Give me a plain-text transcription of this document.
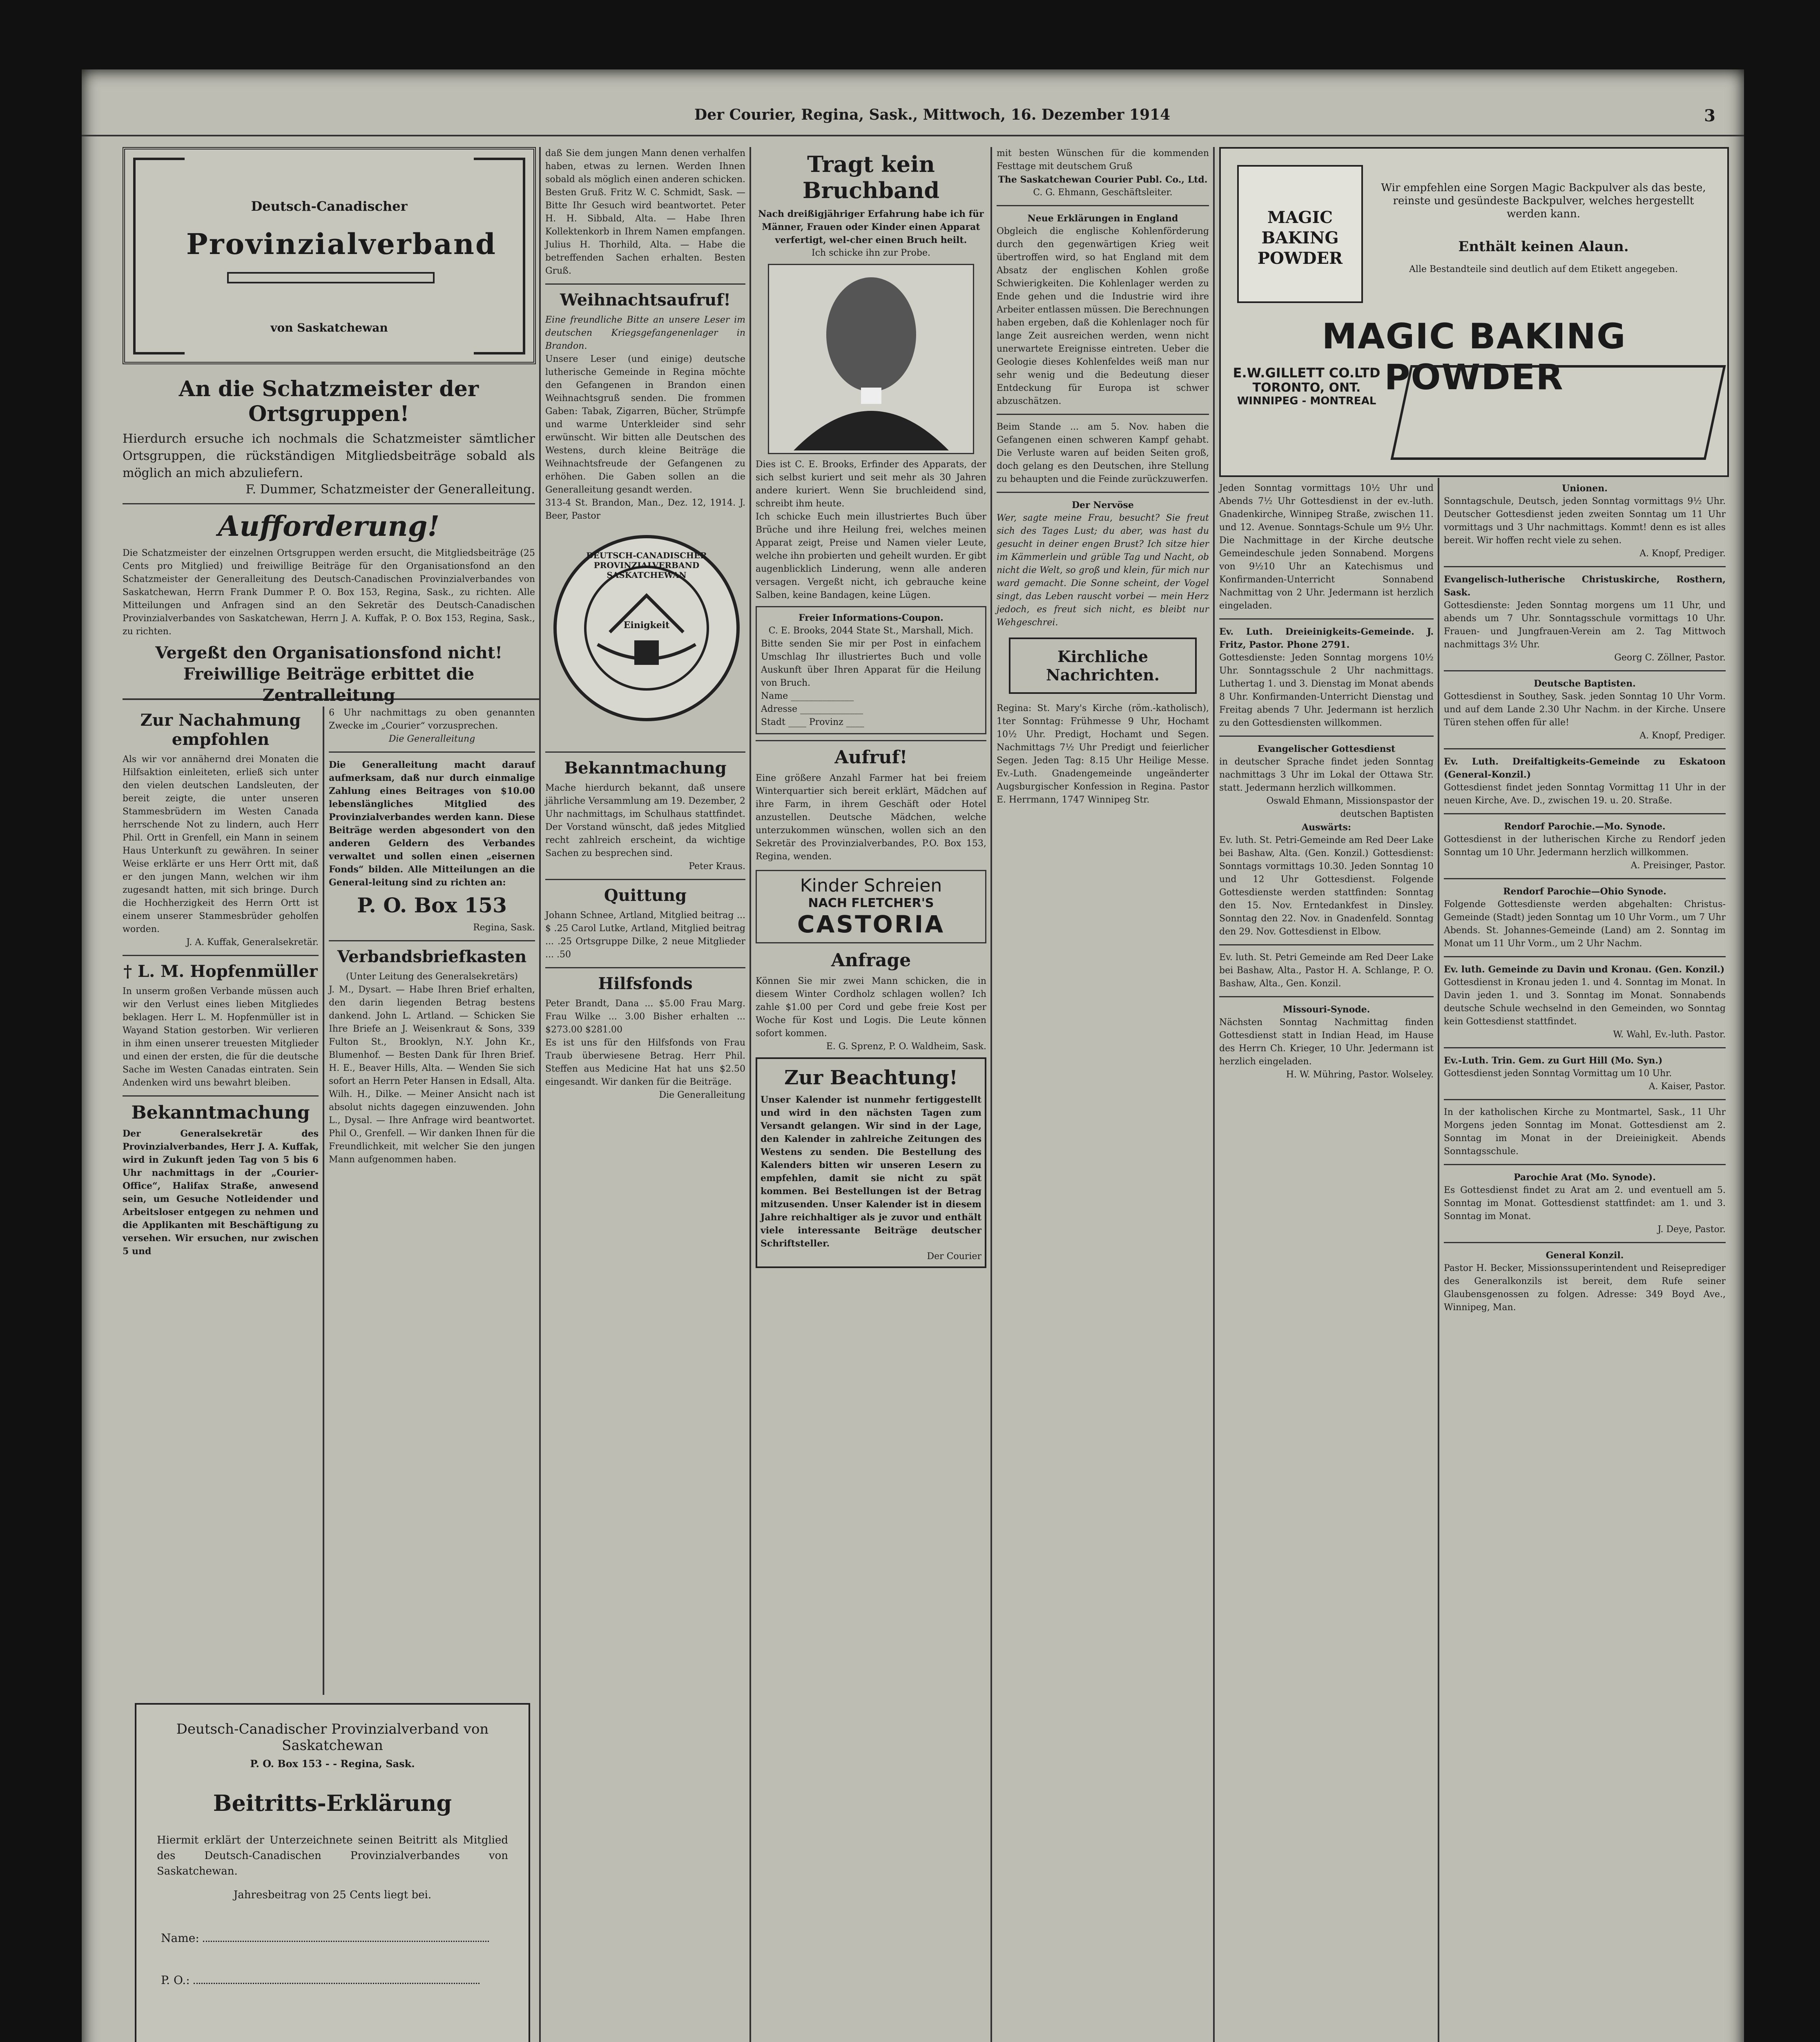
Der Courier, Regina, Sask., Mittwoch, 16. Dezember 1914	3
Deutsch-Canadischer
Provinzialverband
von Saskatchewan
An die Schatzmeister der Ortsgruppen!

Hierdurch ersuche ich nochmals die Schatzmeister sämtlicher Ortsgruppen, die rückständigen Mitgliedsbeiträge sobald als möglich an mich abzuliefern.

F. Dummer, Schatzmeister der Generalleitung.

Aufforderung!

Die Schatzmeister der einzelnen Ortsgruppen werden ersucht, die Mitgliedsbeiträge (25 Cents pro Mitglied) und freiwillige Beiträge für den Organisationsfond an den Schatzmeister der Generalleitung des Deutsch-Canadischen Provinzialverbandes von Saskatchewan, Herrn Frank Dummer P. O. Box 153, Regina, Sask., zu richten. Alle Mitteilungen und Anfragen sind an den Sekretär des Deutsch-Canadischen Provinzialverbandes von Saskatchewan, Herrn J. A. Kuffak, P. O. Box 153, Regina, Sask., zu richten.

Vergeßt den Organisationsfond nicht! Freiwillige Beiträge erbittet die Zentralleitung
Zur Nachahmung empfohlen

Als wir vor annähernd drei Monaten die Hilfsaktion einleiteten, erließ sich unter den vielen deutschen Landsleuten, der bereit zeigte, die unter unseren Stammesbrüdern im Westen Canada herrschende Not zu lindern, auch Herr Phil. Ortt in Grenfell, ein Mann in seinem Haus Unterkunft zu gewähren. In seiner Weise erklärte er uns Herr Ortt mit, daß er den jungen Mann, welchen wir ihm zugesandt hatten, mit sich bringe. Durch die Hochherzigkeit des Herrn Ortt ist einem unserer Stammesbrüder geholfen worden.

J. A. Kuffak, Generalsekretär.

† L. M. Hopfenmüller

In unserm großen Verbande müssen auch wir den Verlust eines lieben Mitgliedes beklagen. Herr L. M. Hopfenmüller ist in Wayand Station gestorben. Wir verlieren in ihm einen unserer treuesten Mitglieder und einen der ersten, die für die deutsche Sache im Westen Canadas eintraten. Sein Andenken wird uns bewahrt bleiben.

Bekanntmachung

Der Generalsekretär des Provinzialverbandes, Herr J. A. Kuffak, wird in Zukunft jeden Tag von 5 bis 6 Uhr nachmittags in der „Courier-Office“, Halifax Straße, anwesend sein, um Gesuche Notleidender und Arbeitsloser entgegen zu nehmen und die Applikanten mit Beschäftigung zu versehen. Wir ersuchen, nur zwischen 5 und

6 Uhr nachmittags zu oben genannten Zwecke im „Courier“ vorzusprechen.

Die Generalleitung

Die Generalleitung macht darauf aufmerksam, daß nur durch einmalige Zahlung eines Beitrages von $10.00 lebenslängliches Mitglied des Provinzialverbandes werden kann. Diese Beiträge werden abgesondert von den anderen Geldern des Verbandes verwaltet und sollen einen „eisernen Fonds“ bilden. Alle Mitteilungen an die General-leitung sind zu richten an:

P. O. Box 153

Regina, Sask.

Verbandsbriefkasten

(Unter Leitung des Generalsekretärs)

J. M., Dysart. — Habe Ihren Brief erhalten, den darin liegenden Betrag bestens dankend. John L. Artland. — Schicken Sie Ihre Briefe an J. Weisenkraut & Sons, 339 Fulton St., Brooklyn, N.Y. John Kr., Blumenhof. — Besten Dank für Ihren Brief. H. E., Beaver Hills, Alta. — Wenden Sie sich sofort an Herrn Peter Hansen in Edsall, Alta. Wilh. H., Dilke. — Meiner Ansicht nach ist absolut nichts dagegen einzuwenden. John L., Dysal. — Ihre Anfrage wird beantwortet. Phil O., Grenfell. — Wir danken Ihnen für die Freundlichkeit, mit welcher Sie den jungen Mann aufgenommen haben.

daß Sie dem jungen Mann denen verhalfen haben, etwas zu lernen. Werden Ihnen sobald als möglich einen anderen schicken. Besten Gruß. Fritz W. C. Schmidt, Sask. — Bitte Ihr Gesuch wird beantwortet. Peter H. H. Sibbald, Alta. — Habe Ihren Kollektenkorb in Ihrem Namen empfangen. Julius H. Thorhild, Alta. — Habe die betreffenden Sachen erhalten. Besten Gruß.

Weihnachtsaufruf!

Eine freundliche Bitte an unsere Leser im deutschen Kriegsgefangenenlager in Brandon.

Unsere Leser (und einige) deutsche lutherische Gemeinde in Regina möchte den Gefangenen in Brandon einen Weihnachtsgruß senden. Die frommen Gaben: Tabak, Zigarren, Bücher, Strümpfe und warme Unterkleider sind sehr erwünscht. Wir bitten alle Deutschen des Westens, durch kleine Beiträge die Weihnachtsfreude der Gefangenen zu erhöhen. Die Gaben sollen an die Generalleitung gesandt werden.

313-4 St. Brandon, Man., Dez. 12, 1914. J. Beer, Pastor

DEUTSCH-CANADISCHER PROVINZIALVERBAND SASKATCHEWAN
Einigkeit
Bekanntmachung

Mache hierdurch bekannt, daß unsere jährliche Versammlung am 19. Dezember, 2 Uhr nachmittags, im Schulhaus stattfindet. Der Vorstand wünscht, daß jedes Mitglied recht zahlreich erscheint, da wichtige Sachen zu besprechen sind.

Peter Kraus.

Quittung

Johann Schnee, Artland, Mitglied beitrag ... $ .25 Carol Lutke, Artland, Mitglied beitrag ... .25 Ortsgruppe Dilke, 2 neue Mitglieder ... .50

Hilfsfonds

Peter Brandt, Dana ... $5.00 Frau Marg. Frau Wilke ... 3.00 Bisher erhalten ... $273.00 $281.00

Es ist uns für den Hilfsfonds von Frau Traub überwiesene Betrag. Herr Phil. Steffen aus Medicine Hat hat uns $2.50 eingesandt. Wir danken für die Beiträge.

Die Generalleitung

Tragt kein Bruchband

Nach dreißigjähriger Erfahrung habe ich für Männer, Frauen oder Kinder einen Apparat verfertigt, wel-cher einen Bruch heilt.

Ich schicke ihn zur Probe.

Dies ist C. E. Brooks, Erfinder des Apparats, der sich selbst kuriert und seit mehr als 30 Jahren andere kuriert. Wenn Sie bruchleidend sind, schreibt ihm heute.

Ich schicke Euch mein illustriertes Buch über Brüche und ihre Heilung frei, welches meinen Apparat zeigt, Preise und Namen vieler Leute, welche ihn probierten und geheilt wurden. Er gibt augenblicklich Linderung, wenn alle anderen versagen. Vergeßt nicht, ich gebrauche keine Salben, keine Bandagen, keine Lügen.

Freier Informations-Coupon.

C. E. Brooks, 2044 State St., Marshall, Mich.

Bitte senden Sie mir per Post in einfachem Umschlag Ihr illustriertes Buch und volle Auskunft über Ihren Apparat für die Heilung von Bruch.

Name ______________
Adresse ______________
Stadt ____ Provinz ____
Aufruf!

Eine größere Anzahl Farmer hat bei freiem Winterquartier sich bereit erklärt, Mädchen auf ihre Farm, in ihrem Geschäft oder Hotel anzustellen. Deutsche Mädchen, welche unterzukommen wünschen, wollen sich an den Sekretär des Provinzialverbandes, P.O. Box 153, Regina, wenden.

Kinder Schreien
NACH FLETCHER'S
CASTORIA
Anfrage

Können Sie mir zwei Mann schicken, die in diesem Winter Cordholz schlagen wollen? Ich zahle $1.00 per Cord und gebe freie Kost per Woche für Kost und Logis. Die Leute können sofort kommen.

E. G. Sprenz, P. O. Waldheim, Sask.

Zur Beachtung!

Unser Kalender ist nunmehr fertiggestellt und wird in den nächsten Tagen zum Versandt gelangen. Wir sind in der Lage, den Kalender in zahlreiche Zeitungen des Westens zu senden. Die Bestellung des Kalenders bitten wir unseren Lesern zu empfehlen, damit sie nicht zu spät kommen. Bei Bestellungen ist der Betrag mitzusenden. Unser Kalender ist in diesem Jahre reichhaltiger als je zuvor und enthält viele interessante Beiträge deutscher Schriftsteller.

Der Courier

mit besten Wünschen für die kommenden Festtage mit deutschem Gruß

The Saskatchewan Courier Publ. Co., Ltd.

C. G. Ehmann, Geschäftsleiter.

Neue Erklärungen in England

Obgleich die englische Kohlenförderung durch den gegenwärtigen Krieg weit übertroffen wird, so hat England mit dem Absatz der englischen Kohlen große Schwierigkeiten. Die Kohlenlager werden zu Ende gehen und die Industrie wird ihre Arbeiter entlassen müssen. Die Berechnungen haben ergeben, daß die Kohlenlager noch für lange Zeit ausreichen werden, wenn nicht unerwartete Ereignisse eintreten. Ueber die Geologie dieses Kohlenfeldes weiß man nur sehr wenig und die Bedeutung dieser Entdeckung für Europa ist schwer abzuschätzen.

Beim Stande ... am 5. Nov. haben die Gefangenen einen schweren Kampf gehabt. Die Verluste waren auf beiden Seiten groß, doch gelang es den Deutschen, ihre Stellung zu behaupten und die Feinde zurückzuwerfen.

Der Nervöse

Wer, sagte meine Frau, besucht? Sie freut sich des Tages Lust; du aber, was hast du gesucht in deiner engen Brust? Ich sitze hier im Kämmerlein und grüble Tag und Nacht, ob nicht die Welt, so groß und klein, für mich nur ward gemacht. Die Sonne scheint, der Vogel singt, das Leben rauscht vorbei — mein Herz jedoch, es freut sich nicht, es bleibt nur Wehgeschrei.

Kirchliche Nachrichten.

Regina: St. Mary's Kirche (röm.-katholisch), 1ter Sonntag: Frühmesse 9 Uhr, Hochamt 10½ Uhr. Predigt, Hochamt und Segen. Nachmittags 7½ Uhr Predigt und feierlicher Segen. Jeden Tag: 8.15 Uhr Heilige Messe. Ev.-Luth. Gnadengemeinde ungeänderter Augsburgischer Konfession in Regina. Pastor E. Herrmann, 1747 Winnipeg Str.

MAGIC BAKING POWDER

Wir empfehlen eine Sorgen Magic Backpulver als das beste, reinste und gesündeste Backpulver, welches hergestellt werden kann.

Enthält keinen Alaun.

Alle Bestandteile sind deutlich auf dem Etikett angegeben.

MAGIC BAKING POWDER
E.W.GILLETT CO.LTD
TORONTO, ONT.
WINNIPEG - MONTREAL

Jeden Sonntag vormittags 10½ Uhr und Abends 7½ Uhr Gottesdienst in der ev.-luth. Gnadenkirche, Winnipeg Straße, zwischen 11. und 12. Avenue. Sonntags-Schule um 9½ Uhr. Die Nachmittage in der Kirche deutsche Gemeindeschule jeden Sonnabend. Morgens von 9½10 Uhr an Katechismus und Konfirmanden-Unterricht Sonnabend Nachmittag von 2 Uhr. Jedermann ist herzlich eingeladen.

Ev. Luth. Dreieinigkeits-Gemeinde. J. Fritz, Pastor. Phone 2791.

Gottesdienste: Jeden Sonntag morgens 10½ Uhr. Sonntagsschule 2 Uhr nachmittags. Luthertag 1. und 3. Dienstag im Monat abends 8 Uhr. Konfirmanden-Unterricht Dienstag und Freitag abends 7 Uhr. Jedermann ist herzlich zu den Gottesdiensten willkommen.

Evangelischer Gottesdienst

in deutscher Sprache findet jeden Sonntag nachmittags 3 Uhr im Lokal der Ottawa Str. statt. Jedermann herzlich willkommen.

Oswald Ehmann, Missionspastor der deutschen Baptisten

Auswärts:

Ev. luth. St. Petri-Gemeinde am Red Deer Lake bei Bashaw, Alta. (Gen. Konzil.) Gottesdienst: Sonntags vormittags 10.30. Jeden Sonntag 10 und 12 Uhr Gottesdienst. Folgende Gottesdienste werden stattfinden: Sonntag den 15. Nov. Erntedankfest in Dinsley. Sonntag den 22. Nov. in Gnadenfeld. Sonntag den 29. Nov. Gottesdienst in Elbow.

Ev. luth. St. Petri Gemeinde am Red Deer Lake bei Bashaw, Alta., Pastor H. A. Schlange, P. O. Bashaw, Alta., Gen. Konzil.

Missouri-Synode.

Nächsten Sonntag Nachmittag finden Gottesdienst statt in Indian Head, im Hause des Herrn Ch. Krieger, 10 Uhr. Jedermann ist herzlich eingeladen.

H. W. Mühring, Pastor. Wolseley.

Unionen.

Sonntagschule, Deutsch, jeden Sonntag vormittags 9½ Uhr. Deutscher Gottesdienst jeden zweiten Sonntag um 11 Uhr vormittags und 3 Uhr nachmittags. Kommt! denn es ist alles bereit. Wir hoffen recht viele zu sehen.

A. Knopf, Prediger.

Evangelisch-lutherische Christuskirche, Rosthern, Sask.

Gottesdienste: Jeden Sonntag morgens um 11 Uhr, und abends um 7 Uhr. Sonntagsschule vormittags 10 Uhr. Frauen- und Jungfrauen-Verein am 2. Tag Mittwoch nachmittags 3½ Uhr.

Georg C. Zöllner, Pastor.

Deutsche Baptisten.

Gottesdienst in Southey, Sask. jeden Sonntag 10 Uhr Vorm. und auf dem Lande 2.30 Uhr Nachm. in der Kirche. Unsere Türen stehen offen für alle!

A. Knopf, Prediger.

Ev. Luth. Dreifaltigkeits-Gemeinde zu Eskatoon (General-Konzil.)

Gottesdienst findet jeden Sonntag Vormittag 11 Uhr in der neuen Kirche, Ave. D., zwischen 19. u. 20. Straße.

Rendorf Parochie.—Mo. Synode.

Gottesdienst in der lutherischen Kirche zu Rendorf jeden Sonntag um 10 Uhr. Jedermann herzlich willkommen.

A. Preisinger, Pastor.

Rendorf Parochie—Ohio Synode.

Folgende Gottesdienste werden abgehalten: Christus-Gemeinde (Stadt) jeden Sonntag um 10 Uhr Vorm., um 7 Uhr Abends. St. Johannes-Gemeinde (Land) am 2. Sonntag im Monat um 11 Uhr Vorm., um 2 Uhr Nachm.

Ev. luth. Gemeinde zu Davin und Kronau. (Gen. Konzil.)

Gottesdienst in Kronau jeden 1. und 4. Sonntag im Monat. In Davin jeden 1. und 3. Sonntag im Monat. Sonnabends deutsche Schule wechselnd in den Gemeinden, wo Sonntag kein Gottesdienst stattfindet.

W. Wahl, Ev.-luth. Pastor.

Ev.-Luth. Trin. Gem. zu Gurt Hill (Mo. Syn.)

Gottesdienst jeden Sonntag Vormittag um 10 Uhr.

A. Kaiser, Pastor.

In der katholischen Kirche zu Montmartel, Sask., 11 Uhr Morgens jeden Sonntag im Monat. Gottesdienst am 2. Sonntag im Monat in der Dreieinigkeit. Abends Sonntagsschule.

Parochie Arat (Mo. Synode).

Es Gottesdienst findet zu Arat am 2. und eventuell am 5. Sonntag im Monat. Gottesdienst stattfindet: am 1. und 3. Sonntag im Monat.

J. Deye, Pastor.

General Konzil.

Pastor H. Becker, Missionssuperintendent und Reiseprediger des Generalkonzils ist bereit, dem Rufe seiner Glaubensgenossen zu folgen. Adresse: 349 Boyd Ave., Winnipeg, Man.

Deutsch-Canadischer Provinzialverband von
Saskatchewan
P. O. Box 153 - - Regina, Sask.
Beitritts-Erklärung

Hiermit erklärt der Unterzeichnete seinen Beitritt als Mitglied des Deutsch-Canadischen Provinzialverbandes von Saskatchewan.

Jahresbeitrag von 25 Cents liegt bei.

Name:
P. O.:
